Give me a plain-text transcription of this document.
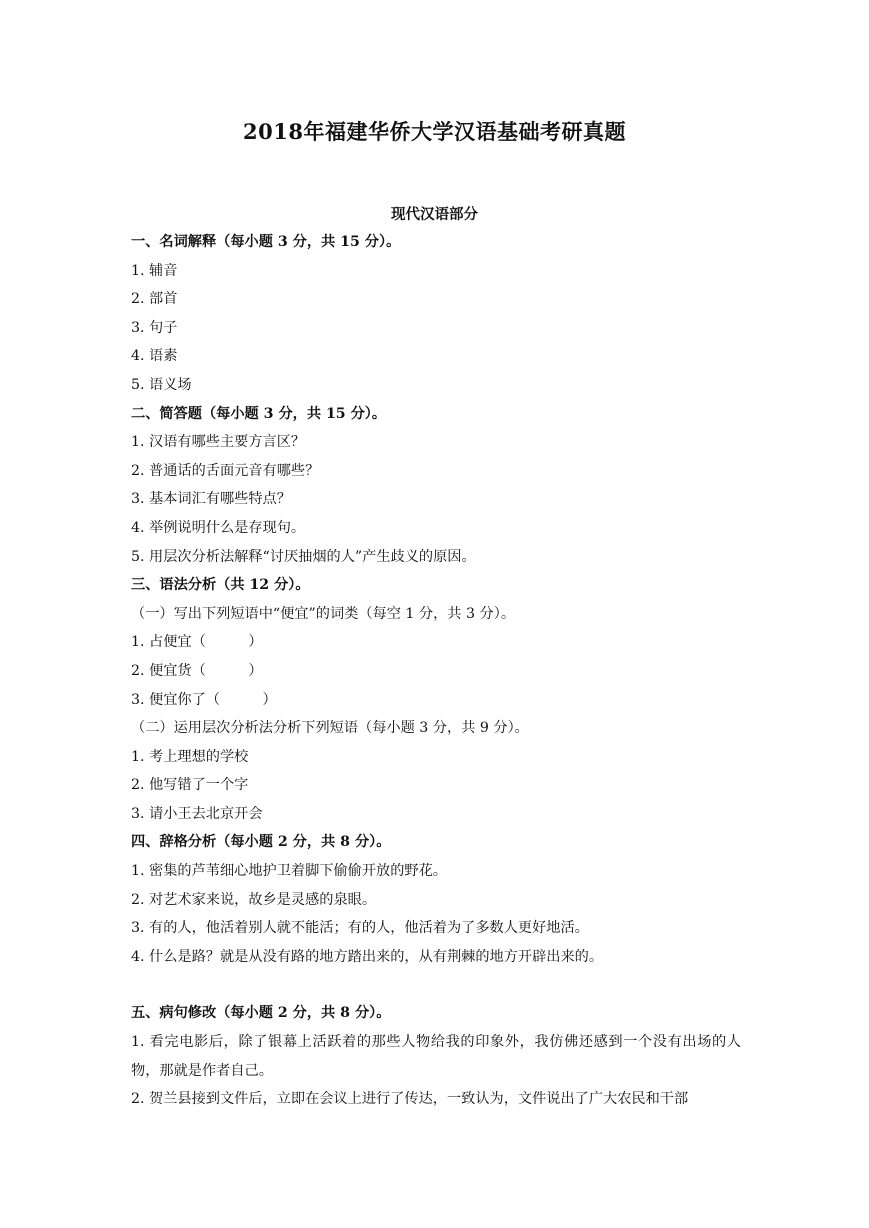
2018年福建华侨大学汉语基础考研真题
现代汉语部分
一、名词解释（每小题 3 分，共 15 分）。
1. 辅音
2. 部首
3. 句子
4. 语素
5. 语义场
二、简答题（每小题 3 分，共 15 分）。
1. 汉语有哪些主要方言区？
2. 普通话的舌面元音有哪些？
3. 基本词汇有哪些特点？
4. 举例说明什么是存现句。
5. 用层次分析法解释“讨厌抽烟的人”产生歧义的原因。
三、语法分析（共 12 分）。
（一）写出下列短语中“便宜”的词类（每空 1 分，共 3 分）。
1. 占便宜（　　　）
2. 便宜货（　　　）
3. 便宜你了（　　　）
（二）运用层次分析法分析下列短语（每小题 3 分，共 9 分）。
1. 考上理想的学校
2. 他写错了一个字
3. 请小王去北京开会
四、辞格分析（每小题 2 分，共 8 分）。
1. 密集的芦苇细心地护卫着脚下偷偷开放的野花。
2. 对艺术家来说，故乡是灵感的泉眼。
3. 有的人，他活着别人就不能活；有的人，他活着为了多数人更好地活。
4. 什么是路？就是从没有路的地方踏出来的，从有荆棘的地方开辟出来的。
五、病句修改（每小题 2 分，共 8 分）。
1. 看完电影后，除了银幕上活跃着的那些人物给我的印象外，我仿佛还感到一个没有出场的人物，那就是作者自己。
2. 贺兰县接到文件后，立即在会议上进行了传达，一致认为，文件说出了广大农民和干部
